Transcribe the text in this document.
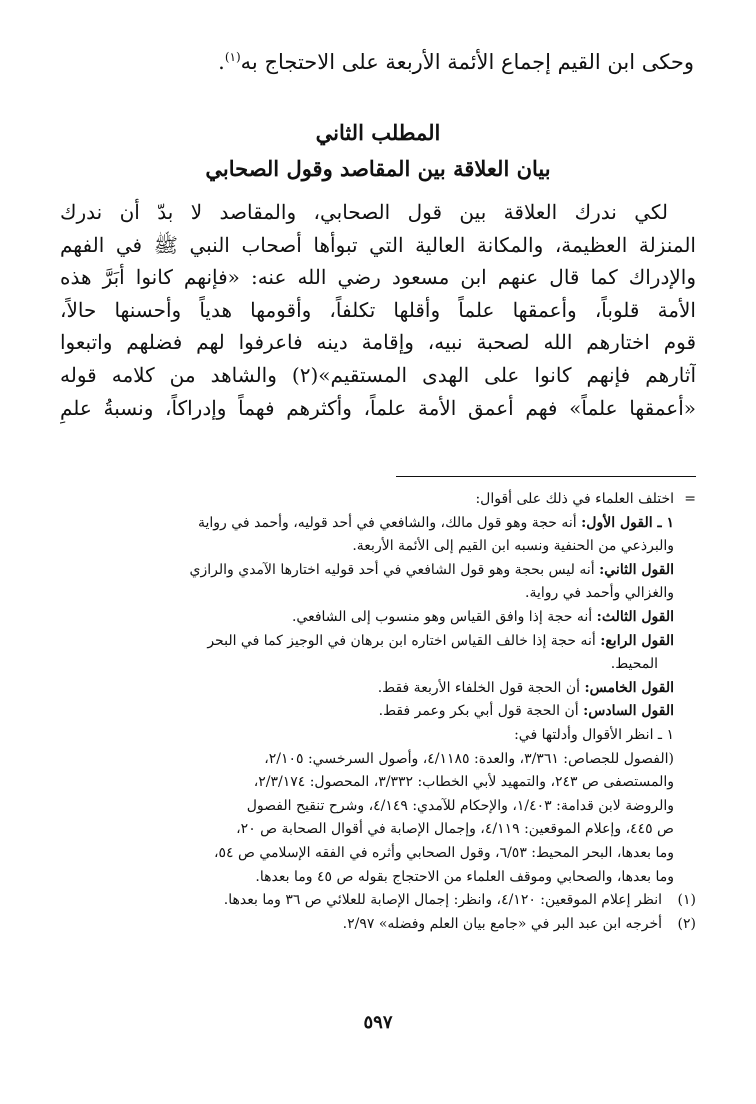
وحكى ابن القيم إجماع الأئمة الأربعة على الاحتجاج به$^{(١)}$.
المطلب الثاني
بيان العلاقة بين المقاصد وقول الصحابي

لكي ندرك العلاقة بين قول الصحابي، والمقاصد لا بدّ أن ندرك
المنزلة العظيمة، والمكانة العالية التي تبوأها أصحاب النبي ﷺ في الفهم
والإدراك كما قال عنهم ابن مسعود رضي الله عنه: «فإنهم كانوا أبَرَّ هذه
الأمة قلوباً، وأعمقها علماً وأقلها تكلفاً، وأقومها هدياً وأحسنها حالاً،
قوم اختارهم الله لصحبة نبيه، وإقامة دينه فاعرفوا لهم فضلهم واتبعوا
آثارهم فإنهم كانوا على الهدى المستقيم»(٢) والشاهد من كلامه قوله
«أعمقها علماً» فهم أعمق الأمة علماً، وأكثرهم فهماً وإدراكاً، ونسبةُ علمِ

=اختلف العلماء في ذلك على أقوال:
١ ـ القول الأول: أنه حجة وهو قول مالك، والشافعي في أحد قوليه، وأحمد في رواية
والبرذعي من الحنفية ونسبه ابن القيم إلى الأئمة الأربعة.
القول الثاني: أنه ليس بحجة وهو قول الشافعي في أحد قوليه اختارها الآمدي والرازي
والغزالي وأحمد في رواية.
القول الثالث: أنه حجة إذا وافق القياس وهو منسوب إلى الشافعي.
القول الرابع: أنه حجة إذا خالف القياس اختاره ابن برهان في الوجيز كما في البحر
المحيط.
القول الخامس: أن الحجة قول الخلفاء الأربعة فقط.
القول السادس: أن الحجة قول أبي بكر وعمر فقط.
١ ـ انظر الأقوال وأدلتها في:
(الفصول للجصاص: ٣/٣٦١، والعدة: ٤/١١٨٥، وأصول السرخسي: ٢/١٠٥،
والمستصفى ص ٢٤٣، والتمهيد لأبي الخطاب: ٣/٣٣٢، المحصول: ٢/٣/١٧٤،
والروضة لابن قدامة: ١/٤٠٣، والإحكام للآمدي: ٤/١٤٩، وشرح تنقيح الفصول
ص ٤٤٥، وإعلام الموقعين: ٤/١١٩، وإجمال الإصابة في أقوال الصحابة ص ٢٠،
وما بعدها، البحر المحيط: ٦/٥٣، وقول الصحابي وأثره في الفقه الإسلامي ص ٥٤،
وما بعدها، والصحابي وموقف العلماء من الاحتجاج بقوله ص ٤٥ وما بعدها.
(١)انظر إعلام الموقعين: ٤/١٢٠، وانظر: إجمال الإصابة للعلائي ص ٣٦ وما بعدها.
(٢)أخرجه ابن عبد البر في «جامع بيان العلم وفضله» ٢/٩٧.
٥٩٧
